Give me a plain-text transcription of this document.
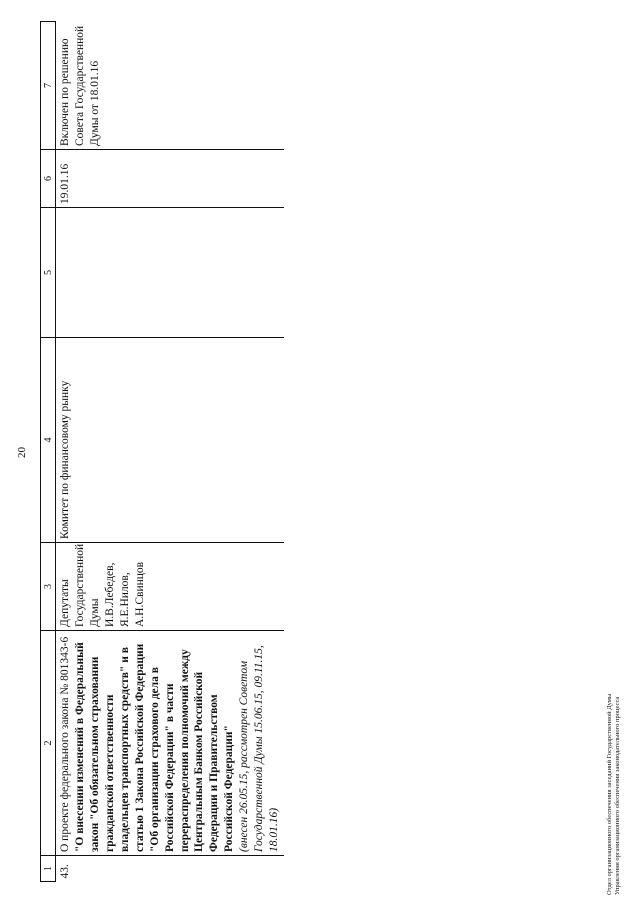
20
1	2	3	4	5	6	7
43.	О проекте федерального закона № 801343-6 "О внесении изменений в Федеральный закон "Об обязательном страховании гражданской ответственности владельцев транспортных средств" и в статью 1 Закона Российской Федерации "Об организации страхового дела в Российской Федерации" в части перераспределения полномочий между Центральным Банком Российской Федерации и Правительством Российской Федерации" (внесен 26.05.15, рассмотрен Советом Государственной Думы 15.06.15, 09.11.15, 18.01.16)	Депутаты Государственной Думы И.В.Лебедев, Я.Е.Нилов, А.Н.Свинцов	Комитет по финансовому рынку		19.01.16	Включен по решению Совета Государственной Думы от 18.01.16
Отдел организационного обеспечения заседаний Государственной Думы Управления организационного обеспечения законодательного процесса
